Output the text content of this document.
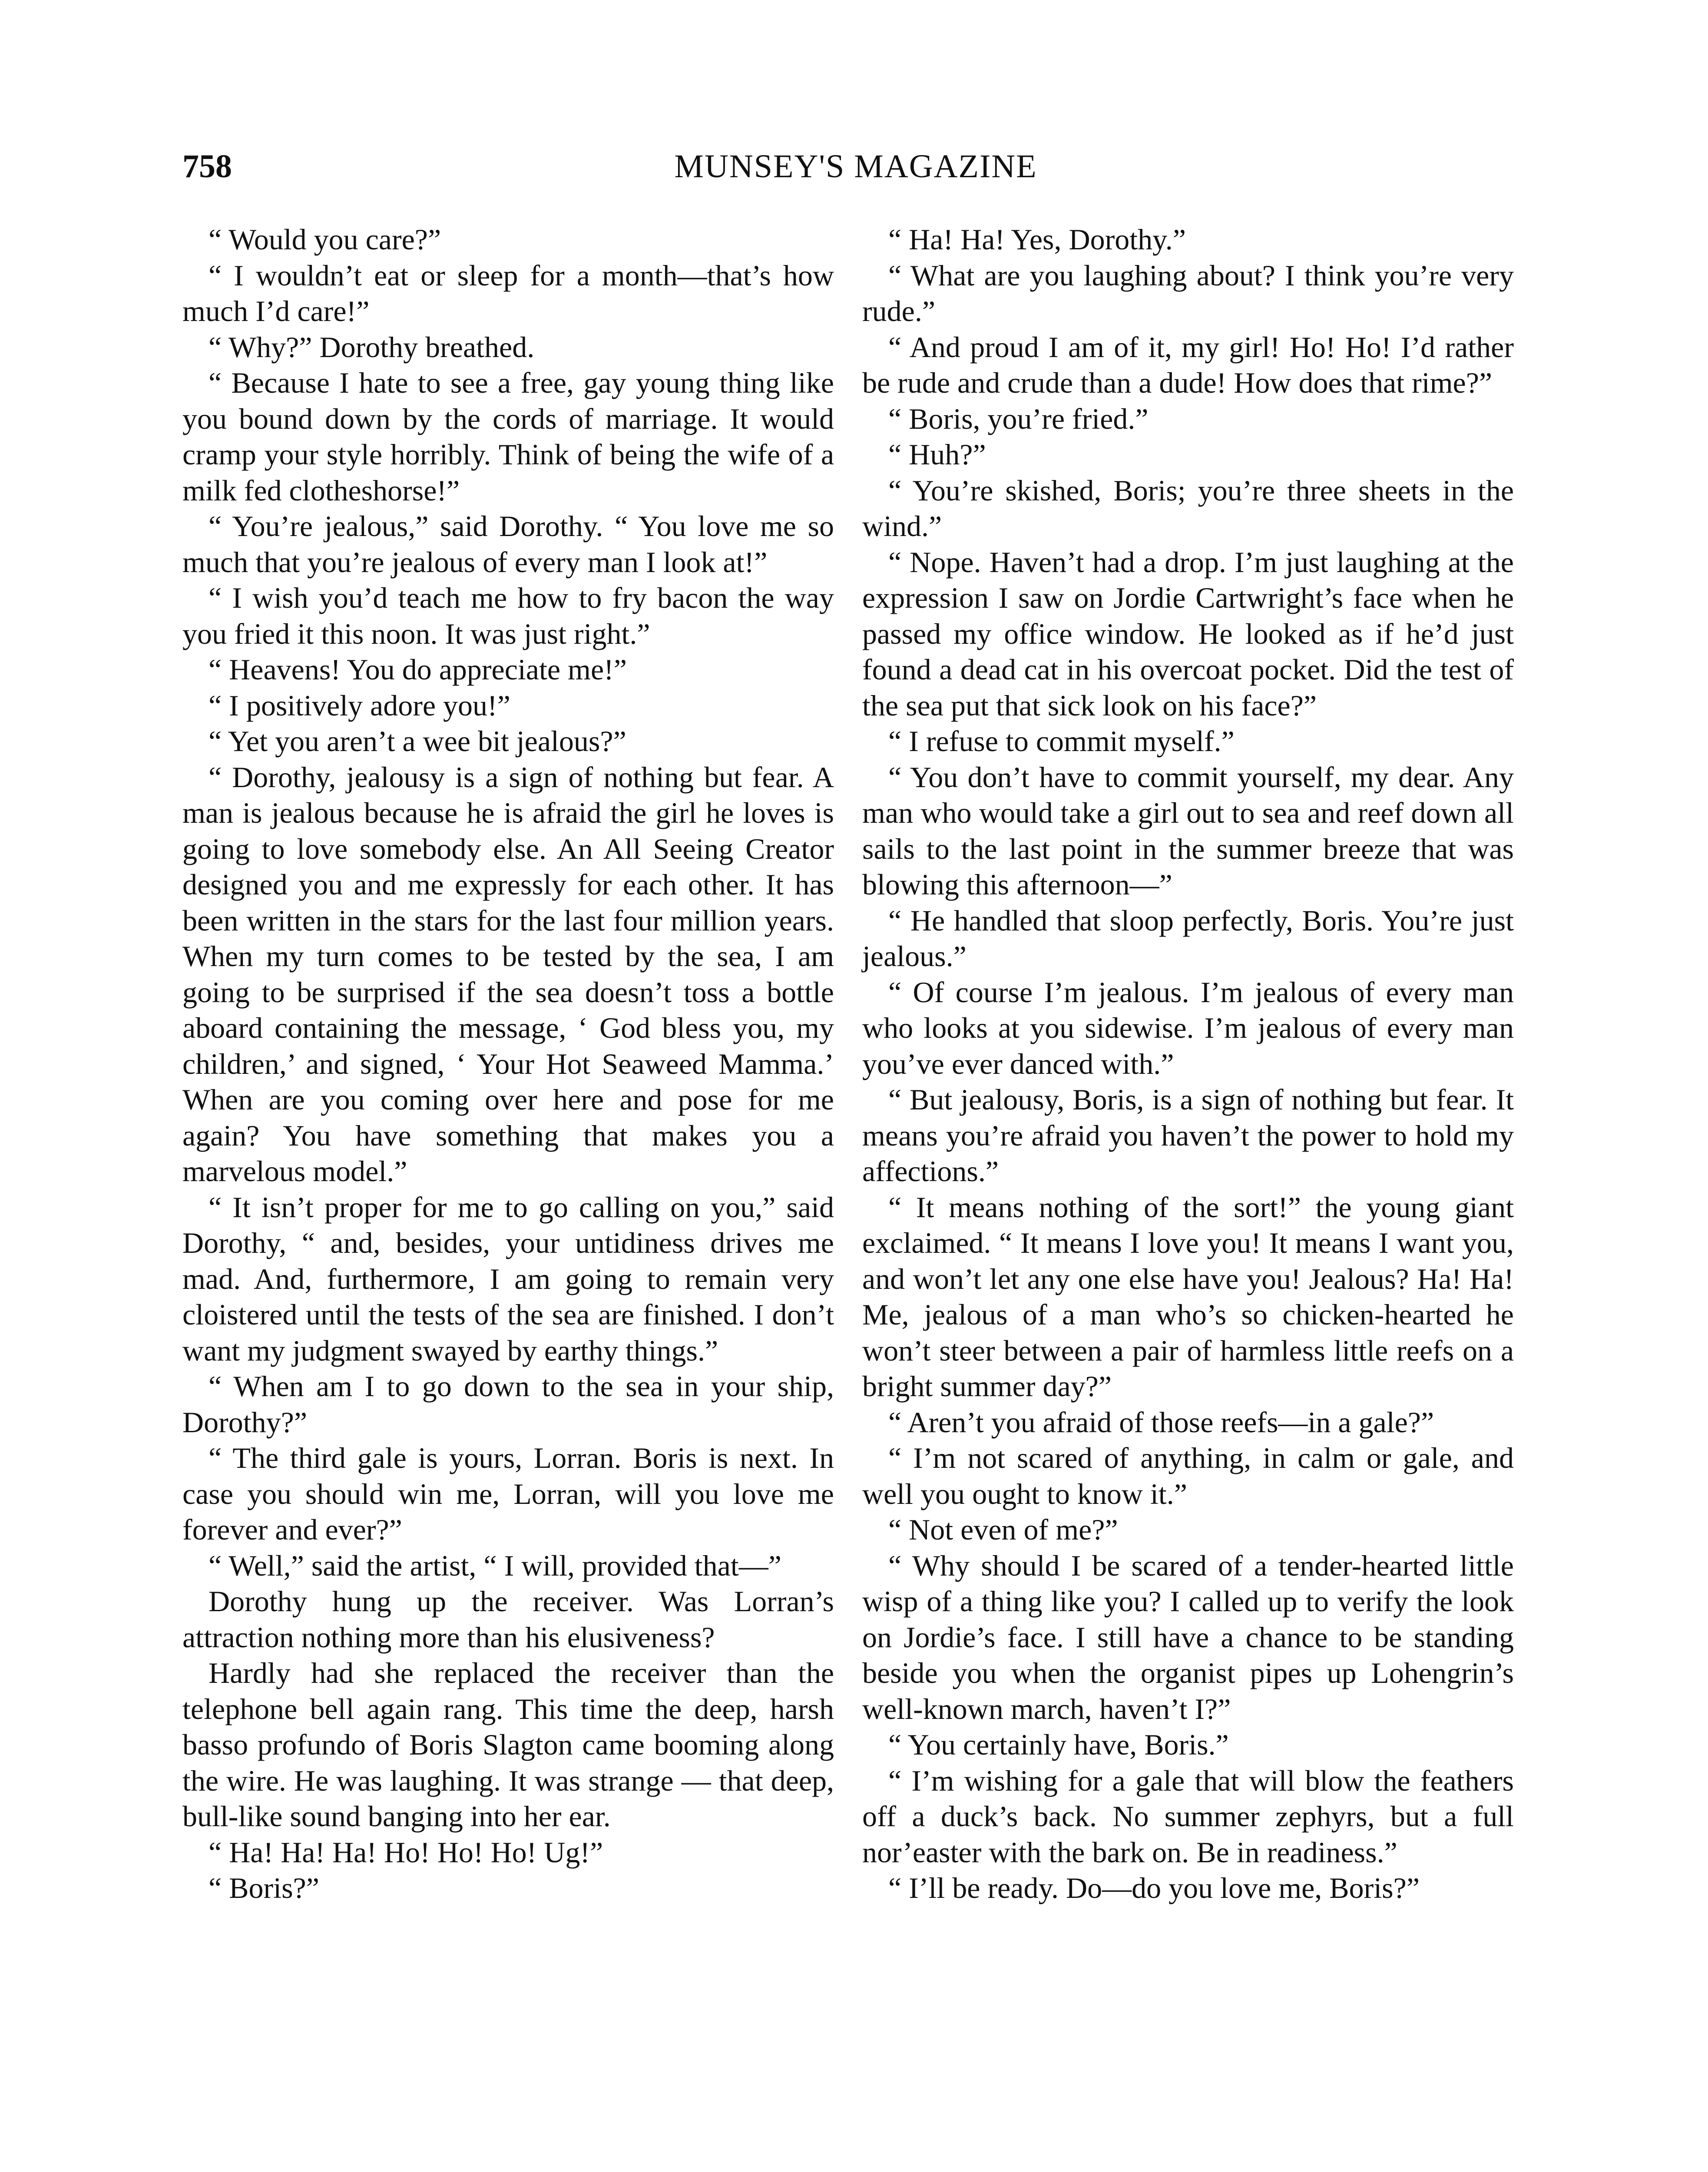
758	MUNSEY'S MAGAZINE

“ Would you care?”

“ I wouldn’t eat or sleep for a month—that’s how much I’d care!”

“ Why?” Dorothy breathed.

“ Because I hate to see a free, gay young thing like you bound down by the cords of marriage. It would cramp your style horribly. Think of being the wife of a milk fed clotheshorse!”

“ You’re jealous,” said Dorothy. “ You love me so much that you’re jealous of every man I look at!”

“ I wish you’d teach me how to fry bacon the way you fried it this noon. It was just right.”

“ Heavens! You do appreciate me!”

“ I positively adore you!”

“ Yet you aren’t a wee bit jealous?”

“ Dorothy, jealousy is a sign of nothing but fear. A man is jealous because he is afraid the girl he loves is going to love somebody else. An All Seeing Creator designed you and me expressly for each other. It has been written in the stars for the last four million years. When my turn comes to be tested by the sea, I am going to be surprised if the sea doesn’t toss a bottle aboard containing the message, ‘ God bless you, my children,’ and signed, ‘ Your Hot Seaweed Mamma.’ When are you coming over here and pose for me again? You have something that makes you a marvelous model.”

“ It isn’t proper for me to go calling on you,” said Dorothy, “ and, besides, your untidiness drives me mad. And, furthermore, I am going to remain very cloistered until the tests of the sea are finished. I don’t want my judgment swayed by earthy things.”

“ When am I to go down to the sea in your ship, Dorothy?”

“ The third gale is yours, Lorran. Boris is next. In case you should win me, Lorran, will you love me forever and ever?”

“ Well,” said the artist, “ I will, provided that—”

Dorothy hung up the receiver. Was Lorran’s attraction nothing more than his elusiveness?

Hardly had she replaced the receiver than the telephone bell again rang. This time the deep, harsh basso profundo of Boris Slagton came booming along the wire. He was laughing. It was strange — that deep, bull-like sound banging into her ear.

“ Ha! Ha! Ha! Ho! Ho! Ho! Ug!”

“ Boris?”

“ Ha! Ha! Yes, Dorothy.”

“ What are you laughing about? I think you’re very rude.”

“ And proud I am of it, my girl! Ho! Ho! I’d rather be rude and crude than a dude! How does that rime?”

“ Boris, you’re fried.”

“ Huh?”

“ You’re skished, Boris; you’re three sheets in the wind.”

“ Nope. Haven’t had a drop. I’m just laughing at the expression I saw on Jordie Cartwright’s face when he passed my office window. He looked as if he’d just found a dead cat in his overcoat pocket. Did the test of the sea put that sick look on his face?”

“ I refuse to commit myself.”

“ You don’t have to commit yourself, my dear. Any man who would take a girl out to sea and reef down all sails to the last point in the summer breeze that was blowing this afternoon—”

“ He handled that sloop perfectly, Boris. You’re just jealous.”

“ Of course I’m jealous. I’m jealous of every man who looks at you sidewise. I’m jealous of every man you’ve ever danced with.”

“ But jealousy, Boris, is a sign of nothing but fear. It means you’re afraid you haven’t the power to hold my affections.”

“ It means nothing of the sort!” the young giant exclaimed. “ It means I love you! It means I want you, and won’t let any one else have you! Jealous? Ha! Ha! Me, jealous of a man who’s so chicken-hearted he won’t steer between a pair of harmless little reefs on a bright summer day?”

“ Aren’t you afraid of those reefs—in a gale?”

“ I’m not scared of anything, in calm or gale, and well you ought to know it.”

“ Not even of me?”

“ Why should I be scared of a tender-hearted little wisp of a thing like you? I called up to verify the look on Jordie’s face. I still have a chance to be standing beside you when the organist pipes up Lohengrin’s well-known march, haven’t I?”

“ You certainly have, Boris.”

“ I’m wishing for a gale that will blow the feathers off a duck’s back. No summer zephyrs, but a full nor’easter with the bark on. Be in readiness.”

“ I’ll be ready. Do—do you love me, Boris?”
